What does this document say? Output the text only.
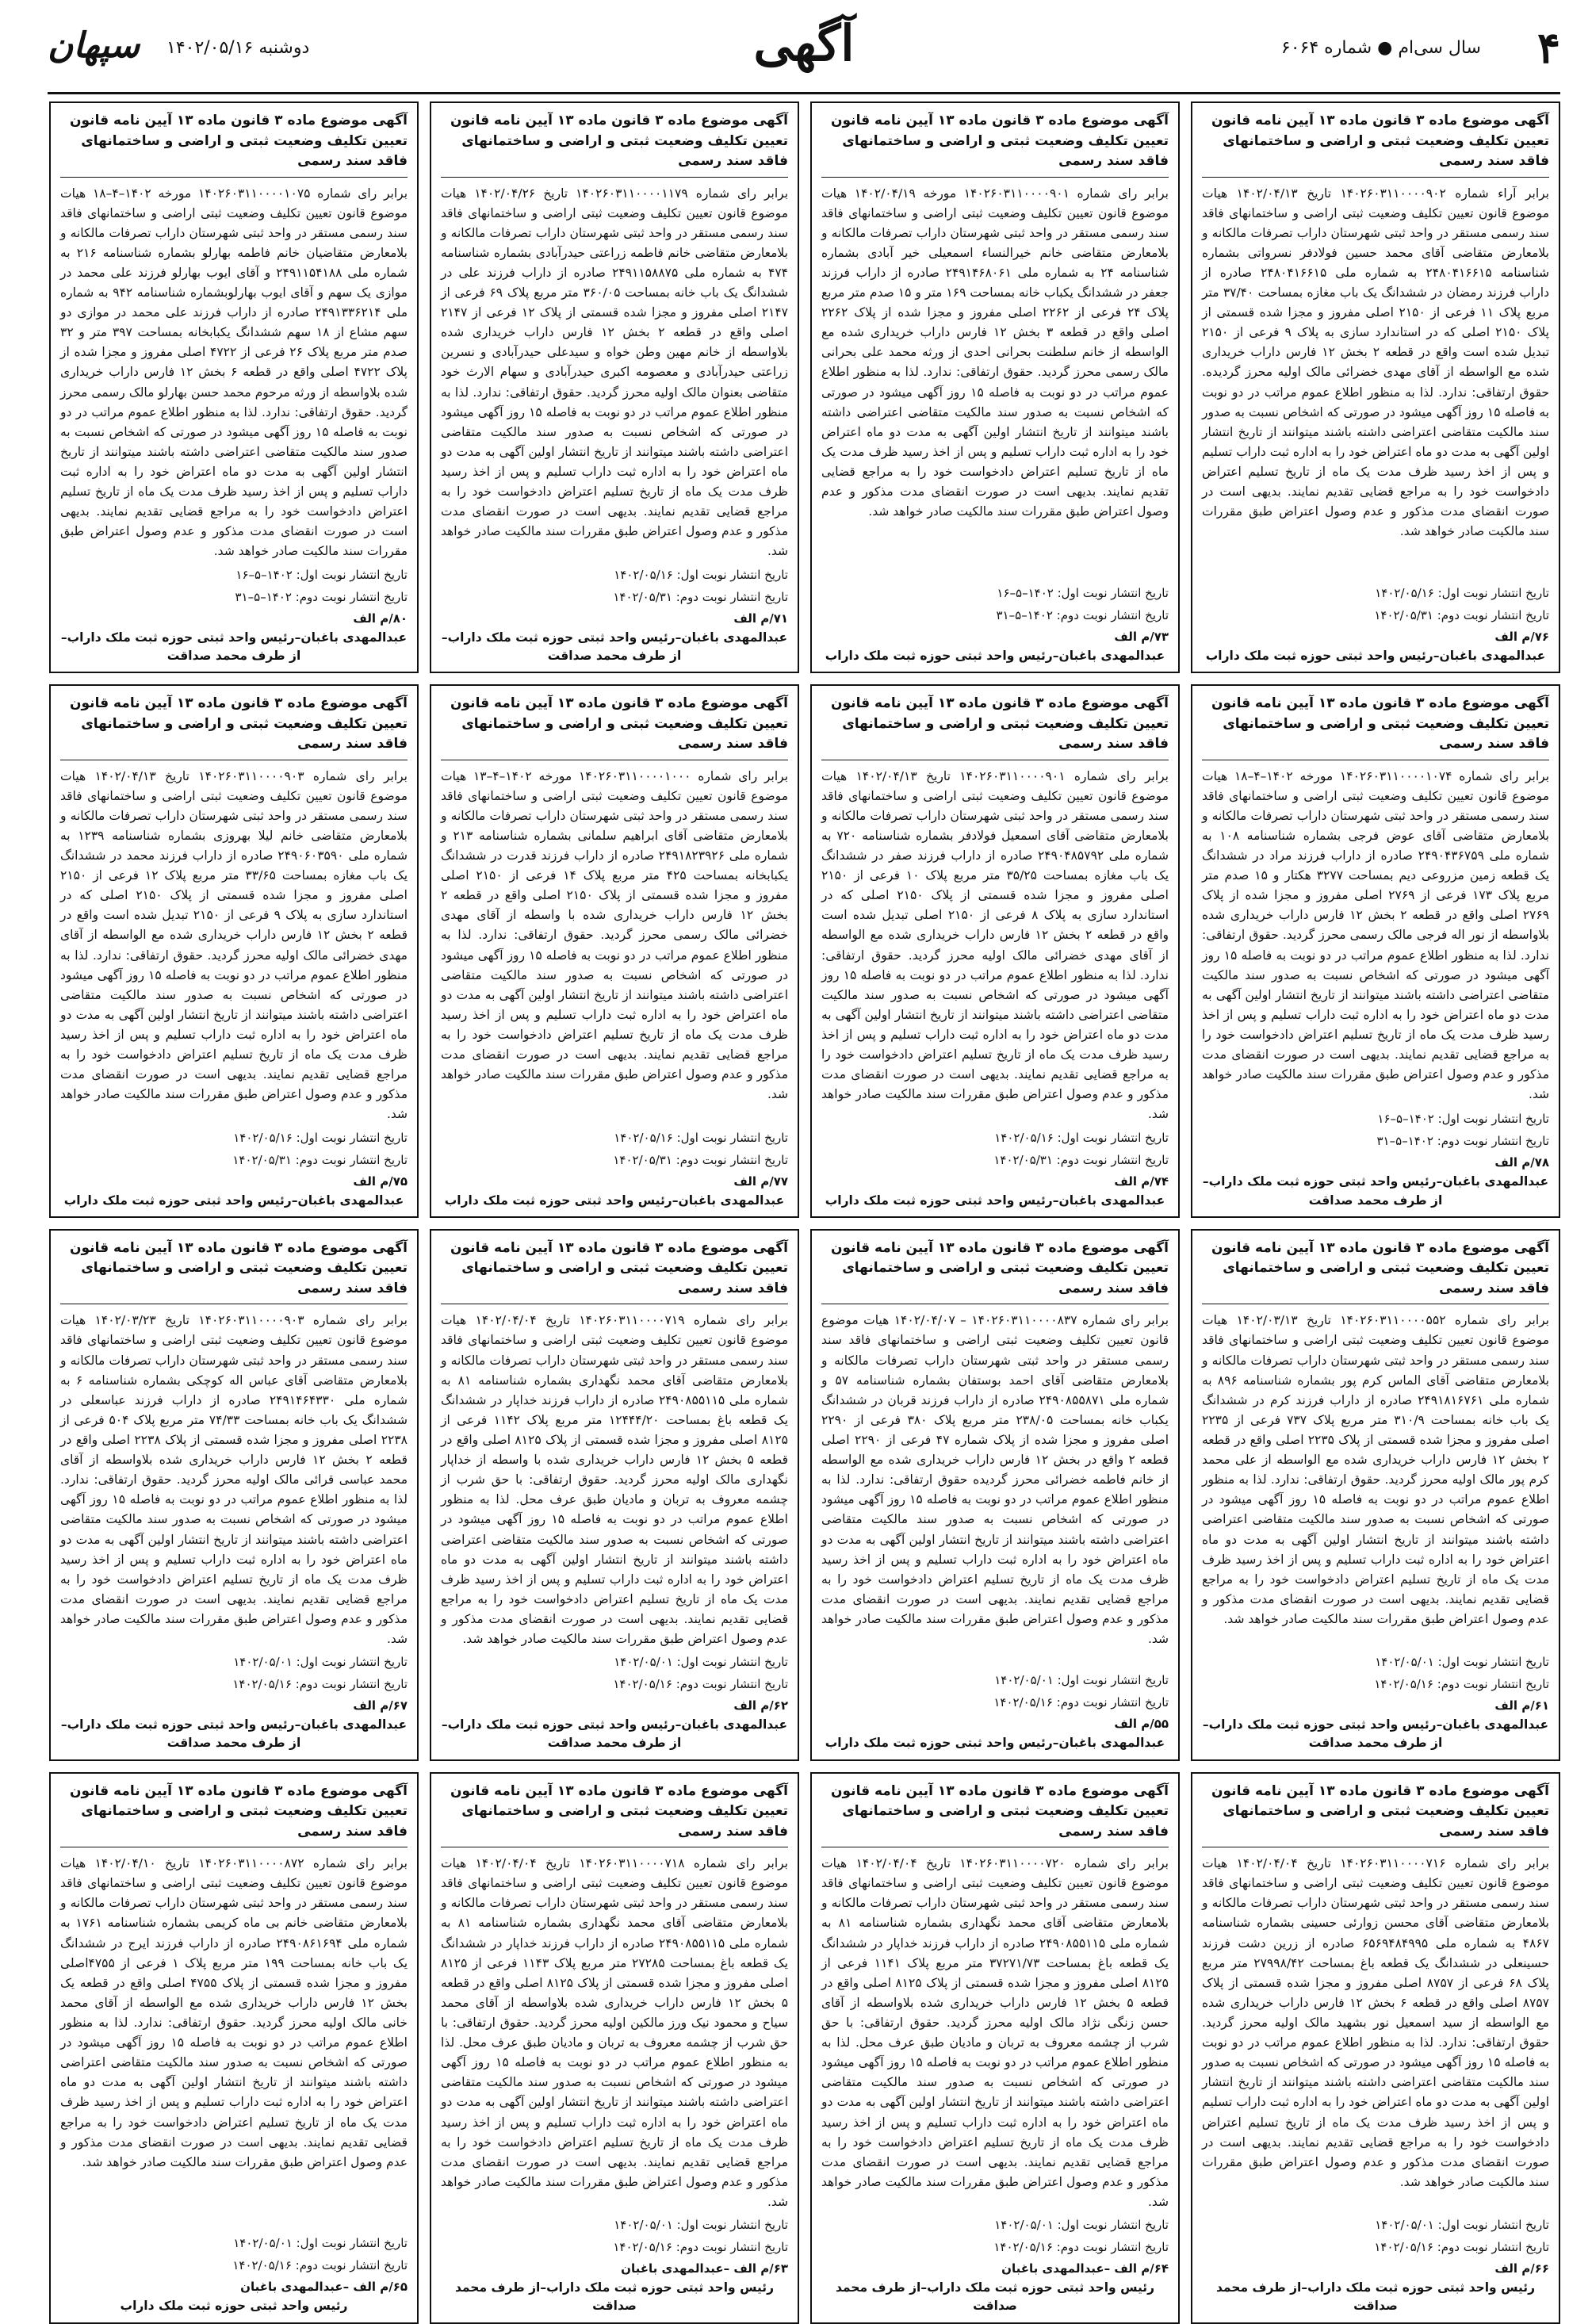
۴
سال سی‌ام ● شماره ۶۰۶۴
آگهی
دوشنبه ۱۴۰۲/۰۵/۱۶
سپهان
آگهی موضوع ماده ۳ قانون ماده ۱۳ آیین نامه قانون تعیین تکلیف وضعیت ثبتی و اراضی و ساختمانهای فاقد سند رسمی
برابر آراء شماره ۱۴۰۲۶۰۳۱۱۰۰۰۰۹۰۲ تاریخ ۱۴۰۲/۰۴/۱۳ هیات موضوع قانون تعیین تکلیف وضعیت ثبتی اراضی و ساختمانهای فاقد سند رسمی مستقر در واحد ثبتی شهرستان داراب تصرفات مالکانه و بلامعارض متقاضی آقای محمد حسین فولادفر نسرواتی بشماره شناسنامه ۲۴۸۰۴۱۶۶۱۵ به شماره ملی ۲۴۸۰۴۱۶۶۱۵ صادره از داراب فرزند رمضان در ششدانگ یک باب مغازه بمساحت ۳۷/۴۰ متر مربع پلاک ۱۱ فرعی از ۲۱۵۰ اصلی مفروز و مجزا شده قسمتی از پلاک ۲۱۵۰ اصلی که در استاندارد سازی به پلاک ۹ فرعی از ۲۱۵۰ تبدیل شده است واقع در قطعه ۲ بخش ۱۲ فارس داراب خریداری شده مع الواسطه از آقای مهدی خضرائی مالک اولیه محرز گردیده. حقوق ارتفاقی: ندارد. لذا به منظور اطلاع عموم مراتب در دو نوبت به فاصله ۱۵ روز آگهی میشود در صورتی که اشخاص نسبت به صدور سند مالکیت متقاضی اعتراضی داشته باشند میتوانند از تاریخ انتشار اولین آگهی به مدت دو ماه اعتراض خود را به اداره ثبت داراب تسلیم و پس از اخذ رسید ظرف مدت یک ماه از تاریخ تسلیم اعتراض دادخواست خود را به مراجع قضایی تقدیم نمایند. بدیهی است در صورت انقضای مدت مذکور و عدم وصول اعتراض طبق مقررات سند مالکیت صادر خواهد شد.
تاریخ انتشار نوبت اول: ۱۴۰۲/۰۵/۱۶
تاریخ انتشار نوبت دوم: ۱۴۰۲/۰۵/۳۱
۷۶/م الف
عبدالمهدی باغبان–رئیس واحد ثبتی حوزه ثبت ملک داراب
آگهی موضوع ماده ۳ قانون ماده ۱۳ آیین نامه قانون تعیین تکلیف وضعیت ثبتی و اراضی و ساختمانهای فاقد سند رسمی
برابر رای شماره ۱۴۰۲۶۰۳۱۱۰۰۰۰۹۰۱ مورخه ۱۴۰۲/۰۴/۱۹ هیات موضوع قانون تعیین تکلیف وضعیت ثبتی اراضی و ساختمانهای فاقد سند رسمی مستقر در واحد ثبتی شهرستان داراب تصرفات مالکانه و بلامعارض متقاضی خانم خیرالنساء اسمعیلی خیر آبادی بشماره شناسنامه ۲۴ به شماره ملی ۲۴۹۱۴۶۸۰۶۱ صادره از داراب فرزند جعفر در ششدانگ یکباب خانه بمساحت ۱۶۹ متر و ۱۵ صدم متر مربع پلاک ۲۴ فرعی از ۲۲۶۲ اصلی مفروز و مجزا شده از پلاک ۲۲۶۲ اصلی واقع در قطعه ۳ بخش ۱۲ فارس داراب خریداری شده مع الواسطه از خانم سلطنت بحرانی احدی از ورثه محمد علی بحرانی مالک رسمی محرز گردید. حقوق ارتفاقی: ندارد. لذا به منظور اطلاع عموم مراتب در دو نوبت به فاصله ۱۵ روز آگهی میشود در صورتی که اشخاص نسبت به صدور سند مالکیت متقاضی اعتراضی داشته باشند میتوانند از تاریخ انتشار اولین آگهی به مدت دو ماه اعتراض خود را به اداره ثبت داراب تسلیم و پس از اخذ رسید ظرف مدت یک ماه از تاریخ تسلیم اعتراض دادخواست خود را به مراجع قضایی تقدیم نمایند. بدیهی است در صورت انقضای مدت مذکور و عدم وصول اعتراض طبق مقررات سند مالکیت صادر خواهد شد.
تاریخ انتشار نوبت اول: ۱۴۰۲–۵–۱۶
تاریخ انتشار نوبت دوم: ۱۴۰۲–۵–۳۱
۷۳/م الف
عبدالمهدی باغبان–رئیس واحد ثبتی حوزه ثبت ملک داراب
آگهی موضوع ماده ۳ قانون ماده ۱۳ آیین نامه قانون تعیین تکلیف وضعیت ثبتی و اراضی و ساختمانهای فاقد سند رسمی
برابر رای شماره ۱۴۰۲۶۰۳۱۱۰۰۰۰۱۱۷۹ تاریخ ۱۴۰۲/۰۴/۲۶ هیات موضوع قانون تعیین تکلیف وضعیت ثبتی اراضی و ساختمانهای فاقد سند رسمی مستقر در واحد ثبتی شهرستان داراب تصرفات مالکانه و بلامعارض متقاضی خانم فاطمه زراعتی حیدرآبادی بشماره شناسنامه ۴۷۴ به شماره ملی ۲۴۹۱۱۵۸۸۷۵ صادره از داراب فرزند علی در ششدانگ یک باب خانه بمساحت ۳۶۰/۰۵ متر مربع پلاک ۶۹ فرعی از ۲۱۴۷ اصلی مفروز و مجزا شده قسمتی از پلاک ۱۲ فرعی از ۲۱۴۷ اصلی واقع در قطعه ۲ بخش ۱۲ فارس داراب خریداری شده بلاواسطه از خانم مهین وطن خواه و سیدعلی حیدرآبادی و نسرین زراعتی حیدرآبادی و معصومه اکبری حیدرآبادی و سهام الارث خود متقاضی بعنوان مالک اولیه محرز گردید. حقوق ارتفاقی: ندارد. لذا به منظور اطلاع عموم مراتب در دو نوبت به فاصله ۱۵ روز آگهی میشود در صورتی که اشخاص نسبت به صدور سند مالکیت متقاضی اعتراضی داشته باشند میتوانند از تاریخ انتشار اولین آگهی به مدت دو ماه اعتراض خود را به اداره ثبت داراب تسلیم و پس از اخذ رسید ظرف مدت یک ماه از تاریخ تسلیم اعتراض دادخواست خود را به مراجع قضایی تقدیم نمایند. بدیهی است در صورت انقضای مدت مذکور و عدم وصول اعتراض طبق مقررات سند مالکیت صادر خواهد شد.
تاریخ انتشار نوبت اول: ۱۴۰۲/۰۵/۱۶
تاریخ انتشار نوبت دوم: ۱۴۰۲/۰۵/۳۱
۷۱/م الف
عبدالمهدی باغبان–رئیس واحد ثبتی حوزه ثبت ملک داراب–از طرف محمد صداقت
آگهی موضوع ماده ۳ قانون ماده ۱۳ آیین نامه قانون تعیین تکلیف وضعیت ثبتی و اراضی و ساختمانهای فاقد سند رسمی
برابر رای شماره ۱۴۰۲۶۰۳۱۱۰۰۰۰۱۰۷۵ مورخه ۱۴۰۲–۴–۱۸ هیات موضوع قانون تعیین تکلیف وضعیت ثبتی اراضی و ساختمانهای فاقد سند رسمی مستقر در واحد ثبتی شهرستان داراب تصرفات مالکانه و بلامعارض متقاضیان خانم فاطمه بهارلو بشماره شناسنامه ۲۱۶ به شماره ملی ۲۴۹۱۱۵۴۱۸۸ و آقای ایوب بهارلو فرزند علی محمد در موازی یک سهم و آقای ایوب بهارلوبشماره شناسنامه ۹۴۲ به شماره ملی ۲۴۹۱۳۳۶۲۱۴ صادره از داراب فرزند علی محمد در موازی دو سهم مشاع از ۱۸ سهم ششدانگ یکبابخانه بمساحت ۳۹۷ متر و ۳۲ صدم متر مربع پلاک ۲۶ فرعی از ۴۷۲۲ اصلی مفروز و مجزا شده از پلاک ۴۷۲۲ اصلی واقع در قطعه ۶ بخش ۱۲ فارس داراب خریداری شده بلاواسطه از ورثه مرحوم محمد حسن بهارلو مالک رسمی محرز گردید. حقوق ارتفاقی: ندارد. لذا به منظور اطلاع عموم مراتب در دو نوبت به فاصله ۱۵ روز آگهی میشود در صورتی که اشخاص نسبت به صدور سند مالکیت متقاضی اعتراضی داشته باشند میتوانند از تاریخ انتشار اولین آگهی به مدت دو ماه اعتراض خود را به اداره ثبت داراب تسلیم و پس از اخذ رسید ظرف مدت یک ماه از تاریخ تسلیم اعتراض دادخواست خود را به مراجع قضایی تقدیم نمایند. بدیهی است در صورت انقضای مدت مذکور و عدم وصول اعتراض طبق مقررات سند مالکیت صادر خواهد شد.
تاریخ انتشار نوبت اول: ۱۴۰۲–۵–۱۶
تاریخ انتشار نوبت دوم: ۱۴۰۲–۵–۳۱
۸۰/م الف
عبدالمهدی باغبان–رئیس واحد ثبتی حوزه ثبت ملک داراب–از طرف محمد صداقت
آگهی موضوع ماده ۳ قانون ماده ۱۳ آیین نامه قانون تعیین تکلیف وضعیت ثبتی و اراضی و ساختمانهای فاقد سند رسمی
برابر رای شماره ۱۴۰۲۶۰۳۱۱۰۰۰۰۱۰۷۴ مورخه ۱۴۰۲–۴–۱۸ هیات موضوع قانون تعیین تکلیف وضعیت ثبتی اراضی و ساختمانهای فاقد سند رسمی مستقر در واحد ثبتی شهرستان داراب تصرفات مالکانه و بلامعارض متقاضی آقای عوض فرجی بشماره شناسنامه ۱۰۸ به شماره ملی ۲۴۹۰۴۳۶۷۵۹ صادره از داراب فرزند مراد در ششدانگ یک قطعه زمین مزروعی دیم بمساحت ۳۲۷۷ هکتار و ۱۵ صدم متر مربع پلاک ۱۷۳ فرعی از ۲۷۶۹ اصلی مفروز و مجزا شده از پلاک ۲۷۶۹ اصلی واقع در قطعه ۲ بخش ۱۲ فارس داراب خریداری شده بلاواسطه از نور اله فرجی مالک رسمی محرز گردید. حقوق ارتفاقی: ندارد. لذا به منظور اطلاع عموم مراتب در دو نوبت به فاصله ۱۵ روز آگهی میشود در صورتی که اشخاص نسبت به صدور سند مالکیت متقاضی اعتراضی داشته باشند میتوانند از تاریخ انتشار اولین آگهی به مدت دو ماه اعتراض خود را به اداره ثبت داراب تسلیم و پس از اخذ رسید ظرف مدت یک ماه از تاریخ تسلیم اعتراض دادخواست خود را به مراجع قضایی تقدیم نمایند. بدیهی است در صورت انقضای مدت مذکور و عدم وصول اعتراض طبق مقررات سند مالکیت صادر خواهد شد.
تاریخ انتشار نوبت اول: ۱۴۰۲–۵–۱۶
تاریخ انتشار نوبت دوم: ۱۴۰۲–۵–۳۱
۷۸/م الف
عبدالمهدی باغبان–رئیس واحد ثبتی حوزه ثبت ملک داراب–از طرف محمد صداقت
آگهی موضوع ماده ۳ قانون ماده ۱۳ آیین نامه قانون تعیین تکلیف وضعیت ثبتی و اراضی و ساختمانهای فاقد سند رسمی
برابر رای شماره ۱۴۰۲۶۰۳۱۱۰۰۰۰۹۰۱ تاریخ ۱۴۰۲/۰۴/۱۳ هیات موضوع قانون تعیین تکلیف وضعیت ثبتی اراضی و ساختمانهای فاقد سند رسمی مستقر در واحد ثبتی شهرستان داراب تصرفات مالکانه و بلامعارض متقاضی آقای اسمعیل فولادفر بشماره شناسنامه ۷۲۰ به شماره ملی ۲۴۹۰۴۸۵۷۹۲ صادره از داراب فرزند صفر در ششدانگ یک باب مغازه بمساحت ۳۵/۲۵ متر مربع پلاک ۱۰ فرعی از ۲۱۵۰ اصلی مفروز و مجزا شده قسمتی از پلاک ۲۱۵۰ اصلی که در استاندارد سازی به پلاک ۸ فرعی از ۲۱۵۰ اصلی تبدیل شده است واقع در قطعه ۲ بخش ۱۲ فارس داراب خریداری شده مع الواسطه از آقای مهدی خضرائی مالک اولیه محرز گردید. حقوق ارتفاقی: ندارد. لذا به منظور اطلاع عموم مراتب در دو نوبت به فاصله ۱۵ روز آگهی میشود در صورتی که اشخاص نسبت به صدور سند مالکیت متقاضی اعتراضی داشته باشند میتوانند از تاریخ انتشار اولین آگهی به مدت دو ماه اعتراض خود را به اداره ثبت داراب تسلیم و پس از اخذ رسید ظرف مدت یک ماه از تاریخ تسلیم اعتراض دادخواست خود را به مراجع قضایی تقدیم نمایند. بدیهی است در صورت انقضای مدت مذکور و عدم وصول اعتراض طبق مقررات سند مالکیت صادر خواهد شد.
تاریخ انتشار نوبت اول: ۱۴۰۲/۰۵/۱۶
تاریخ انتشار نوبت دوم: ۱۴۰۲/۰۵/۳۱
۷۴/م الف
عبدالمهدی باغبان–رئیس واحد ثبتی حوزه ثبت ملک داراب
آگهی موضوع ماده ۳ قانون ماده ۱۳ آیین نامه قانون تعیین تکلیف وضعیت ثبتی و اراضی و ساختمانهای فاقد سند رسمی
برابر رای شماره ۱۴۰۲۶۰۳۱۱۰۰۰۰۱۰۰۰ مورخه ۱۴۰۲–۴–۱۳ هیات موضوع قانون تعیین تکلیف وضعیت ثبتی اراضی و ساختمانهای فاقد سند رسمی مستقر در واحد ثبتی شهرستان داراب تصرفات مالکانه و بلامعارض متقاضی آقای ابراهیم سلمانی بشماره شناسنامه ۲۱۳ و شماره ملی ۲۴۹۱۸۲۳۹۲۶ صادره از داراب فرزند قدرت در ششدانگ یکبابخانه بمساحت ۴۲۵ متر مربع پلاک ۱۴ فرعی از ۲۱۵۰ اصلی مفروز و مجزا شده قسمتی از پلاک ۲۱۵۰ اصلی واقع در قطعه ۲ بخش ۱۲ فارس داراب خریداری شده با واسطه از آقای مهدی خضرائی مالک رسمی محرز گردید. حقوق ارتفاقی: ندارد. لذا به منظور اطلاع عموم مراتب در دو نوبت به فاصله ۱۵ روز آگهی میشود در صورتی که اشخاص نسبت به صدور سند مالکیت متقاضی اعتراضی داشته باشند میتوانند از تاریخ انتشار اولین آگهی به مدت دو ماه اعتراض خود را به اداره ثبت داراب تسلیم و پس از اخذ رسید ظرف مدت یک ماه از تاریخ تسلیم اعتراض دادخواست خود را به مراجع قضایی تقدیم نمایند. بدیهی است در صورت انقضای مدت مذکور و عدم وصول اعتراض طبق مقررات سند مالکیت صادر خواهد شد.
تاریخ انتشار نوبت اول: ۱۴۰۲/۰۵/۱۶
تاریخ انتشار نوبت دوم: ۱۴۰۲/۰۵/۳۱
۷۷/م الف
عبدالمهدی باغبان–رئیس واحد ثبتی حوزه ثبت ملک داراب
آگهی موضوع ماده ۳ قانون ماده ۱۳ آیین نامه قانون تعیین تکلیف وضعیت ثبتی و اراضی و ساختمانهای فاقد سند رسمی
برابر رای شماره ۱۴۰۲۶۰۳۱۱۰۰۰۰۹۰۳ تاریخ ۱۴۰۲/۰۴/۱۳ هیات موضوع قانون تعیین تکلیف وضعیت ثبتی اراضی و ساختمانهای فاقد سند رسمی مستقر در واحد ثبتی شهرستان داراب تصرفات مالکانه و بلامعارض متقاضی خانم لیلا بهروزی بشماره شناسنامه ۱۲۳۹ به شماره ملی ۲۴۹۰۶۰۳۵۹۰ صادره از داراب فرزند محمد در ششدانگ یک باب مغازه بمساحت ۳۳/۶۵ متر مربع پلاک ۱۲ فرعی از ۲۱۵۰ اصلی مفروز و مجزا شده قسمتی از پلاک ۲۱۵۰ اصلی که در استاندارد سازی به پلاک ۹ فرعی از ۲۱۵۰ تبدیل شده است واقع در قطعه ۲ بخش ۱۲ فارس داراب خریداری شده مع الواسطه از آقای مهدی خضرائی مالک اولیه محرز گردید. حقوق ارتفاقی: ندارد. لذا به منظور اطلاع عموم مراتب در دو نوبت به فاصله ۱۵ روز آگهی میشود در صورتی که اشخاص نسبت به صدور سند مالکیت متقاضی اعتراضی داشته باشند میتوانند از تاریخ انتشار اولین آگهی به مدت دو ماه اعتراض خود را به اداره ثبت داراب تسلیم و پس از اخذ رسید ظرف مدت یک ماه از تاریخ تسلیم اعتراض دادخواست خود را به مراجع قضایی تقدیم نمایند. بدیهی است در صورت انقضای مدت مذکور و عدم وصول اعتراض طبق مقررات سند مالکیت صادر خواهد شد.
تاریخ انتشار نوبت اول: ۱۴۰۲/۰۵/۱۶
تاریخ انتشار نوبت دوم: ۱۴۰۲/۰۵/۳۱
۷۵/م الف
عبدالمهدی باغبان–رئیس واحد ثبتی حوزه ثبت ملک داراب
آگهی موضوع ماده ۳ قانون ماده ۱۳ آیین نامه قانون تعیین تکلیف وضعیت ثبتی و اراضی و ساختمانهای فاقد سند رسمی
برابر رای شماره ۱۴۰۲۶۰۳۱۱۰۰۰۰۵۵۲ تاریخ ۱۴۰۲/۰۳/۱۳ هیات موضوع قانون تعیین تکلیف وضعیت ثبتی اراضی و ساختمانهای فاقد سند رسمی مستقر در واحد ثبتی شهرستان داراب تصرفات مالکانه و بلامعارض متقاضی آقای الماس کرم پور بشماره شناسنامه ۸۹۶ به شماره ملی ۲۴۹۱۸۱۶۷۶۱ صادره از داراب فرزند کرم در ششدانگ یک باب خانه بمساحت ۳۱۰/۹ متر مربع پلاک ۷۳۷ فرعی از ۲۲۳۵ اصلی مفروز و مجزا شده قسمتی از پلاک ۲۲۳۵ اصلی واقع در قطعه ۲ بخش ۱۲ فارس داراب خریداری شده مع الواسطه از علی محمد کرم پور مالک اولیه محرز گردید. حقوق ارتفاقی: ندارد. لذا به منظور اطلاع عموم مراتب در دو نوبت به فاصله ۱۵ روز آگهی میشود در صورتی که اشخاص نسبت به صدور سند مالکیت متقاضی اعتراضی داشته باشند میتوانند از تاریخ انتشار اولین آگهی به مدت دو ماه اعتراض خود را به اداره ثبت داراب تسلیم و پس از اخذ رسید ظرف مدت یک ماه از تاریخ تسلیم اعتراض دادخواست خود را به مراجع قضایی تقدیم نمایند. بدیهی است در صورت انقضای مدت مذکور و عدم وصول اعتراض طبق مقررات سند مالکیت صادر خواهد شد.
تاریخ انتشار نوبت اول: ۱۴۰۲/۰۵/۰۱
تاریخ انتشار نوبت دوم: ۱۴۰۲/۰۵/۱۶
۶۱/م الف
عبدالمهدی باغبان–رئیس واحد ثبتی حوزه ثبت ملک داراب–از طرف محمد صداقت
آگهی موضوع ماده ۳ قانون ماده ۱۳ آیین نامه قانون تعیین تکلیف وضعیت ثبتی و اراضی و ساختمانهای فاقد سند رسمی
برابر رای شماره ۱۴۰۲۶۰۳۱۱۰۰۰۰۸۳۷ – ۱۴۰۲/۰۴/۰۷ هیات موضوع قانون تعیین تکلیف وضعیت ثبتی اراضی و ساختمانهای فاقد سند رسمی مستقر در واحد ثبتی شهرستان داراب تصرفات مالکانه و بلامعارض متقاضی آقای احمد بوستفان بشماره شناسنامه ۵۷ و شماره ملی ۲۴۹۰۸۵۵۸۷۱ صادره از داراب فرزند قربان در ششدانگ یکباب خانه بمساحت ۲۳۸/۰۵ متر مربع پلاک ۳۸۰ فرعی از ۲۲۹۰ اصلی مفروز و مجزا شده از پلاک شماره ۴۷ فرعی از ۲۲۹۰ اصلی قطعه ۲ واقع در بخش ۱۲ فارس داراب خریداری شده مع الواسطه از خانم فاطمه خضرائی محرز گردیده حقوق ارتفاقی: ندارد. لذا به منظور اطلاع عموم مراتب در دو نوبت به فاصله ۱۵ روز آگهی میشود در صورتی که اشخاص نسبت به صدور سند مالکیت متقاضی اعتراضی داشته باشند میتوانند از تاریخ انتشار اولین آگهی به مدت دو ماه اعتراض خود را به اداره ثبت داراب تسلیم و پس از اخذ رسید ظرف مدت یک ماه از تاریخ تسلیم اعتراض دادخواست خود را به مراجع قضایی تقدیم نمایند. بدیهی است در صورت انقضای مدت مذکور و عدم وصول اعتراض طبق مقررات سند مالکیت صادر خواهد شد.
تاریخ انتشار نوبت اول: ۱۴۰۲/۰۵/۰۱
تاریخ انتشار نوبت دوم: ۱۴۰۲/۰۵/۱۶
۵۵/م الف
عبدالمهدی باغبان–رئیس واحد ثبتی حوزه ثبت ملک داراب
آگهی موضوع ماده ۳ قانون ماده ۱۳ آیین نامه قانون تعیین تکلیف وضعیت ثبتی و اراضی و ساختمانهای فاقد سند رسمی
برابر رای شماره ۱۴۰۲۶۰۳۱۱۰۰۰۰۷۱۹ تاریخ ۱۴۰۲/۰۴/۰۴ هیات موضوع قانون تعیین تکلیف وضعیت ثبتی اراضی و ساختمانهای فاقد سند رسمی مستقر در واحد ثبتی شهرستان داراب تصرفات مالکانه و بلامعارض متقاضی آقای محمد نگهداری بشماره شناسنامه ۸۱ به شماره ملی ۲۴۹۰۸۵۵۱۱۵ صادره از داراب فرزند خداپار در ششدانگ یک قطعه باغ بمساحت ۱۲۴۴۴/۲۰ متر مربع پلاک ۱۱۴۲ فرعی از ۸۱۲۵ اصلی مفروز و مجزا شده قسمتی از پلاک ۸۱۲۵ اصلی واقع در قطعه ۵ بخش ۱۲ فارس داراب خریداری شده با واسطه از خداپار نگهداری مالک اولیه محرز گردید. حقوق ارتفاقی: با حق شرب از چشمه معروف به تربان و مادیان طبق عرف محل. لذا به منظور اطلاع عموم مراتب در دو نوبت به فاصله ۱۵ روز آگهی میشود در صورتی که اشخاص نسبت به صدور سند مالکیت متقاضی اعتراضی داشته باشند میتوانند از تاریخ انتشار اولین آگهی به مدت دو ماه اعتراض خود را به اداره ثبت داراب تسلیم و پس از اخذ رسید ظرف مدت یک ماه از تاریخ تسلیم اعتراض دادخواست خود را به مراجع قضایی تقدیم نمایند. بدیهی است در صورت انقضای مدت مذکور و عدم وصول اعتراض طبق مقررات سند مالکیت صادر خواهد شد.
تاریخ انتشار نوبت اول: ۱۴۰۲/۰۵/۰۱
تاریخ انتشار نوبت دوم: ۱۴۰۲/۰۵/۱۶
۶۲/م الف
عبدالمهدی باغبان–رئیس واحد ثبتی حوزه ثبت ملک داراب–از طرف محمد صداقت
آگهی موضوع ماده ۳ قانون ماده ۱۳ آیین نامه قانون تعیین تکلیف وضعیت ثبتی و اراضی و ساختمانهای فاقد سند رسمی
برابر رای شماره ۱۴۰۲۶۰۳۱۱۰۰۰۰۹۰۳ تاریخ ۱۴۰۲/۰۳/۲۳ هیات موضوع قانون تعیین تکلیف وضعیت ثبتی اراضی و ساختمانهای فاقد سند رسمی مستقر در واحد ثبتی شهرستان داراب تصرفات مالکانه و بلامعارض متقاضی آقای عباس اله کوچکی بشماره شناسنامه ۶ به شماره ملی ۲۴۹۱۴۶۴۳۳۰ صادره از داراب فرزند عباسعلی در ششدانگ یک باب خانه بمساحت ۷۴/۳۳ متر مربع پلاک ۵۰۴ فرعی از ۲۲۳۸ اصلی مفروز و مجزا شده قسمتی از پلاک ۲۲۳۸ اصلی واقع در قطعه ۲ بخش ۱۲ فارس داراب خریداری شده بلاواسطه از آقای محمد عباسی قرائی مالک اولیه محرز گردید. حقوق ارتفاقی: ندارد. لذا به منظور اطلاع عموم مراتب در دو نوبت به فاصله ۱۵ روز آگهی میشود در صورتی که اشخاص نسبت به صدور سند مالکیت متقاضی اعتراضی داشته باشند میتوانند از تاریخ انتشار اولین آگهی به مدت دو ماه اعتراض خود را به اداره ثبت داراب تسلیم و پس از اخذ رسید ظرف مدت یک ماه از تاریخ تسلیم اعتراض دادخواست خود را به مراجع قضایی تقدیم نمایند. بدیهی است در صورت انقضای مدت مذکور و عدم وصول اعتراض طبق مقررات سند مالکیت صادر خواهد شد.
تاریخ انتشار نوبت اول: ۱۴۰۲/۰۵/۰۱
تاریخ انتشار نوبت دوم: ۱۴۰۲/۰۵/۱۶
۶۷/م الف
عبدالمهدی باغبان–رئیس واحد ثبتی حوزه ثبت ملک داراب–از طرف محمد صداقت
آگهی موضوع ماده ۳ قانون ماده ۱۳ آیین نامه قانون تعیین تکلیف وضعیت ثبتی و اراضی و ساختمانهای فاقد سند رسمی
برابر رای شماره ۱۴۰۲۶۰۳۱۱۰۰۰۰۷۱۶ تاریخ ۱۴۰۲/۰۴/۰۴ هیات موضوع قانون تعیین تکلیف وضعیت ثبتی اراضی و ساختمانهای فاقد سند رسمی مستقر در واحد ثبتی شهرستان داراب تصرفات مالکانه و بلامعارض متقاضی آقای محسن زوارئی حسینی بشماره شناسنامه ۴۸۶۷ به شماره ملی ۶۵۶۹۴۸۴۹۹۵ صادره از زرین دشت فرزند حسینعلی در ششدانگ یک قطعه باغ بمساحت ۲۷۹۹۸/۴۲ متر مربع پلاک ۶۸ فرعی از ۸۷۵۷ اصلی مفروز و مجزا شده قسمتی از پلاک ۸۷۵۷ اصلی واقع در قطعه ۶ بخش ۱۲ فارس داراب خریداری شده مع الواسطه از سید اسمعیل نور بشهید مالک اولیه محرز گردید. حقوق ارتفاقی: ندارد. لذا به منظور اطلاع عموم مراتب در دو نوبت به فاصله ۱۵ روز آگهی میشود در صورتی که اشخاص نسبت به صدور سند مالکیت متقاضی اعتراضی داشته باشند میتوانند از تاریخ انتشار اولین آگهی به مدت دو ماه اعتراض خود را به اداره ثبت داراب تسلیم و پس از اخذ رسید ظرف مدت یک ماه از تاریخ تسلیم اعتراض دادخواست خود را به مراجع قضایی تقدیم نمایند. بدیهی است در صورت انقضای مدت مذکور و عدم وصول اعتراض طبق مقررات سند مالکیت صادر خواهد شد.
تاریخ انتشار نوبت اول: ۱۴۰۲/۰۵/۰۱
تاریخ انتشار نوبت دوم: ۱۴۰۲/۰۵/۱۶
۶۶/م الف
رئیس واحد ثبتی حوزه ثبت ملک داراب–از طرف محمد صداقت
آگهی موضوع ماده ۳ قانون ماده ۱۳ آیین نامه قانون تعیین تکلیف وضعیت ثبتی و اراضی و ساختمانهای فاقد سند رسمی
برابر رای شماره ۱۴۰۲۶۰۳۱۱۰۰۰۰۷۲۰ تاریخ ۱۴۰۲/۰۴/۰۴ هیات موضوع قانون تعیین تکلیف وضعیت ثبتی اراضی و ساختمانهای فاقد سند رسمی مستقر در واحد ثبتی شهرستان داراب تصرفات مالکانه و بلامعارض متقاضی آقای محمد نگهداری بشماره شناسنامه ۸۱ به شماره ملی ۲۴۹۰۸۵۵۱۱۵ صادره از داراب فرزند خداپار در ششدانگ یک قطعه باغ بمساحت ۳۷۲۷۱/۷۳ متر مربع پلاک ۱۱۴۱ فرعی از ۸۱۲۵ اصلی مفروز و مجزا شده قسمتی از پلاک ۸۱۲۵ اصلی واقع در قطعه ۵ بخش ۱۲ فارس داراب خریداری شده بلاواسطه از آقای حسن زنگی نژاد مالک اولیه محرز گردید. حقوق ارتفاقی: با حق شرب از چشمه معروف به تربان و مادیان طبق عرف محل. لذا به منظور اطلاع عموم مراتب در دو نوبت به فاصله ۱۵ روز آگهی میشود در صورتی که اشخاص نسبت به صدور سند مالکیت متقاضی اعتراضی داشته باشند میتوانند از تاریخ انتشار اولین آگهی به مدت دو ماه اعتراض خود را به اداره ثبت داراب تسلیم و پس از اخذ رسید ظرف مدت یک ماه از تاریخ تسلیم اعتراض دادخواست خود را به مراجع قضایی تقدیم نمایند. بدیهی است در صورت انقضای مدت مذکور و عدم وصول اعتراض طبق مقررات سند مالکیت صادر خواهد شد.
تاریخ انتشار نوبت اول: ۱۴۰۲/۰۵/۰۱
تاریخ انتشار نوبت دوم: ۱۴۰۲/۰۵/۱۶
۶۴/م الف –عبدالمهدی باغبان
رئیس واحد ثبتی حوزه ثبت ملک داراب–از طرف محمد صداقت
آگهی موضوع ماده ۳ قانون ماده ۱۳ آیین نامه قانون تعیین تکلیف وضعیت ثبتی و اراضی و ساختمانهای فاقد سند رسمی
برابر رای شماره ۱۴۰۲۶۰۳۱۱۰۰۰۰۷۱۸ تاریخ ۱۴۰۲/۰۴/۰۴ هیات موضوع قانون تعیین تکلیف وضعیت ثبتی اراضی و ساختمانهای فاقد سند رسمی مستقر در واحد ثبتی شهرستان داراب تصرفات مالکانه و بلامعارض متقاضی آقای محمد نگهداری بشماره شناسنامه ۸۱ به شماره ملی ۲۴۹۰۸۵۵۱۱۵ صادره از داراب فرزند خداپار در ششدانگ یک قطعه باغ بمساحت ۲۷۲۸۵ متر مربع پلاک ۱۱۴۳ فرعی از ۸۱۲۵ اصلی مفروز و مجزا شده قسمتی از پلاک ۸۱۲۵ اصلی واقع در قطعه ۵ بخش ۱۲ فارس داراب خریداری شده بلاواسطه از آقای محمد سیاح و محمود نیک ورز مالکین اولیه محرز گردید. حقوق ارتفاقی: با حق شرب از چشمه معروف به تربان و مادیان طبق عرف محل. لذا به منظور اطلاع عموم مراتب در دو نوبت به فاصله ۱۵ روز آگهی میشود در صورتی که اشخاص نسبت به صدور سند مالکیت متقاضی اعتراضی داشته باشند میتوانند از تاریخ انتشار اولین آگهی به مدت دو ماه اعتراض خود را به اداره ثبت داراب تسلیم و پس از اخذ رسید ظرف مدت یک ماه از تاریخ تسلیم اعتراض دادخواست خود را به مراجع قضایی تقدیم نمایند. بدیهی است در صورت انقضای مدت مذکور و عدم وصول اعتراض طبق مقررات سند مالکیت صادر خواهد شد.
تاریخ انتشار نوبت اول: ۱۴۰۲/۰۵/۰۱
تاریخ انتشار نوبت دوم: ۱۴۰۲/۰۵/۱۶
۶۳/م الف –عبدالمهدی باغبان
رئیس واحد ثبتی حوزه ثبت ملک داراب–از طرف محمد صداقت
آگهی موضوع ماده ۳ قانون ماده ۱۳ آیین نامه قانون تعیین تکلیف وضعیت ثبتی و اراضی و ساختمانهای فاقد سند رسمی
برابر رای شماره ۱۴۰۲۶۰۳۱۱۰۰۰۰۸۷۲ تاریخ ۱۴۰۲/۰۴/۱۰ هیات موضوع قانون تعیین تکلیف وضعیت ثبتی اراضی و ساختمانهای فاقد سند رسمی مستقر در واحد ثبتی شهرستان داراب تصرفات مالکانه و بلامعارض متقاضی خانم بی ماه کریمی بشماره شناسنامه ۱۷۶۱ به شماره ملی ۲۴۹۰۸۶۱۶۹۴ صادره از داراب فرزند ایرج در ششدانگ یک باب خانه بمساحت ۱۹۹ متر مربع پلاک ۱ فرعی از ۴۷۵۵اصلی مفروز و مجزا شده قسمتی از پلاک ۴۷۵۵ اصلی واقع در قطعه یک بخش ۱۲ فارس داراب خریداری شده مع الواسطه از آقای محمد خانی مالک اولیه محرز گردید. حقوق ارتفاقی: ندارد. لذا به منظور اطلاع عموم مراتب در دو نوبت به فاصله ۱۵ روز آگهی میشود در صورتی که اشخاص نسبت به صدور سند مالکیت متقاضی اعتراضی داشته باشند میتوانند از تاریخ انتشار اولین آگهی به مدت دو ماه اعتراض خود را به اداره ثبت داراب تسلیم و پس از اخذ رسید ظرف مدت یک ماه از تاریخ تسلیم اعتراض دادخواست خود را به مراجع قضایی تقدیم نمایند. بدیهی است در صورت انقضای مدت مذکور و عدم وصول اعتراض طبق مقررات سند مالکیت صادر خواهد شد.
تاریخ انتشار نوبت اول: ۱۴۰۲/۰۵/۰۱
تاریخ انتشار نوبت دوم: ۱۴۰۲/۰۵/۱۶
۶۵/م الف –عبدالمهدی باغبان
رئیس واحد ثبتی حوزه ثبت ملک داراب
